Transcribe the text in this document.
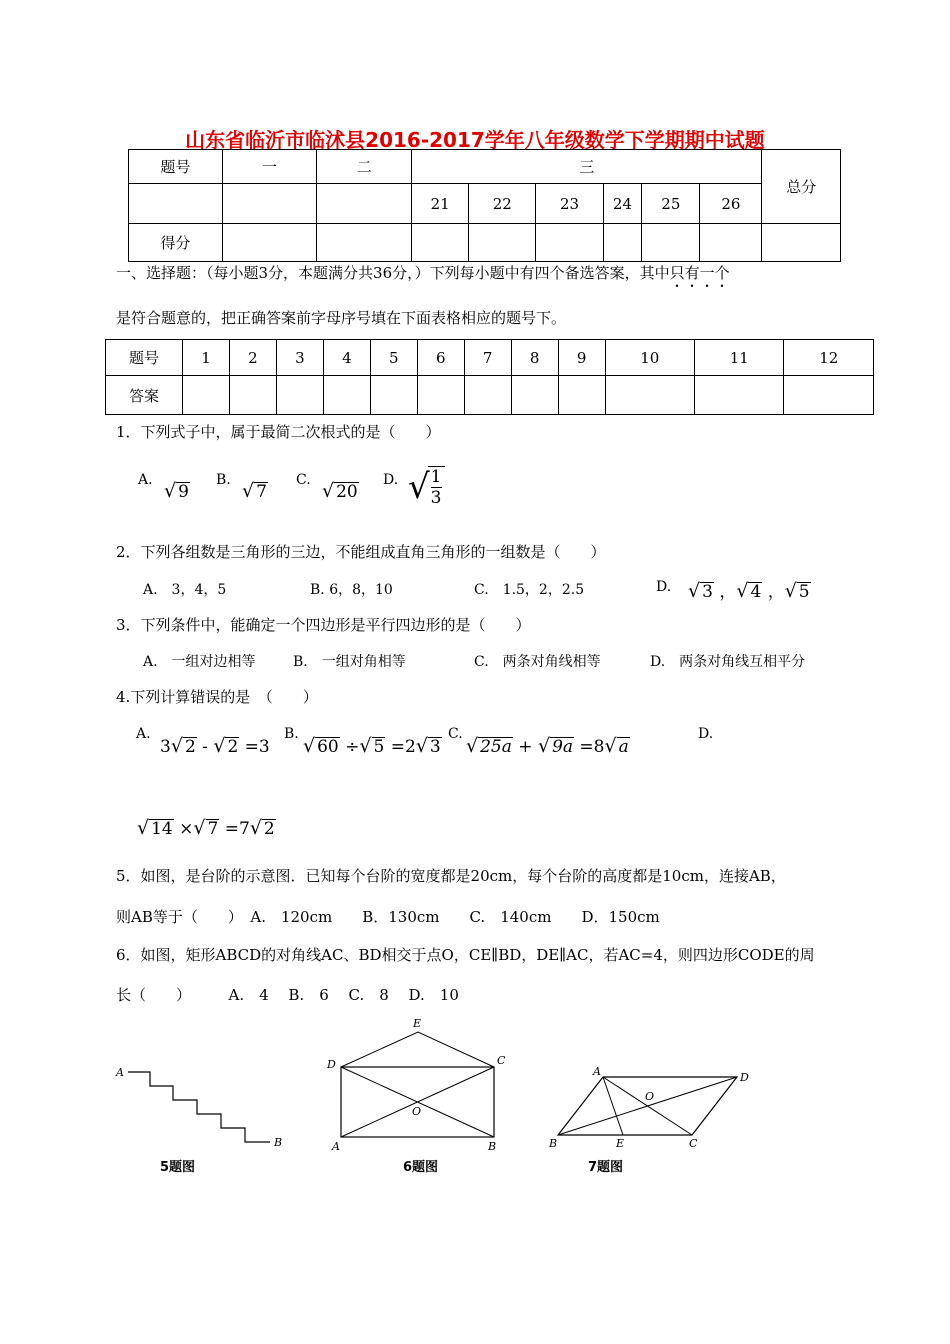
山东省临沂市临沭县2016-2017学年八年级数学下学期期中试题
题号	一	二	三						总分
			21	22	23	24	25	26	
得分									
一、选择题：（每小题3分，本题满分共36分，）下列每小题中有四个备选答案，其中只有一个
是符合题意的，把正确答案前字母序号填在下面表格相应的题号下。
题号	1	2	3	4	5	6	7	8	9	10	11	12
答案												
1．下列式子中，属于最简二次根式的是（　　）
A. √ 9
B. √ 7
C. √ 20
D. √
$\frac{1}{3}$
2．下列各组数是三角形的三边，不能组成直角三角形的一组数是（　　）
A.　3，4，5	B. 6，8，10	C.　1.5，2，2.5	D. √ 3 ，√ 4 ，√ 5
3．下列条件中，能确定一个四边形是平行四边形的是（　　）
A.　一组对边相等	B.　一组对角相等	C.　两条对角线相等	D.　两条对角线互相平分
4.下列计算错误的是　（　　）
A.
3√ 2 - √ 2 =3
B.
√ 60 ÷√ 5 =2√ 3
C.
√ 25a + √ 9a =8√ a
D.
√ 14 ×√ 7 =7√ 2
5．如图，是台阶的示意图．已知每个台阶的宽度都是20cm，每个台阶的高度都是10cm，连接AB，
则AB等于（　　）　A.　120cm　　B．130cm　　C.　140cm　　D．150cm
6．如图，矩形ABCD的对角线AC、BD相交于点O，CE∥BD，DE∥AC，若AC=4，则四边形CODE的周
长（　　）　　　A.　4　 B.　6　 C.　8　 D.　10
A
B
5题图
E
D	C
O
A	B
6题图
A	D
O
B	E	C
7题图
